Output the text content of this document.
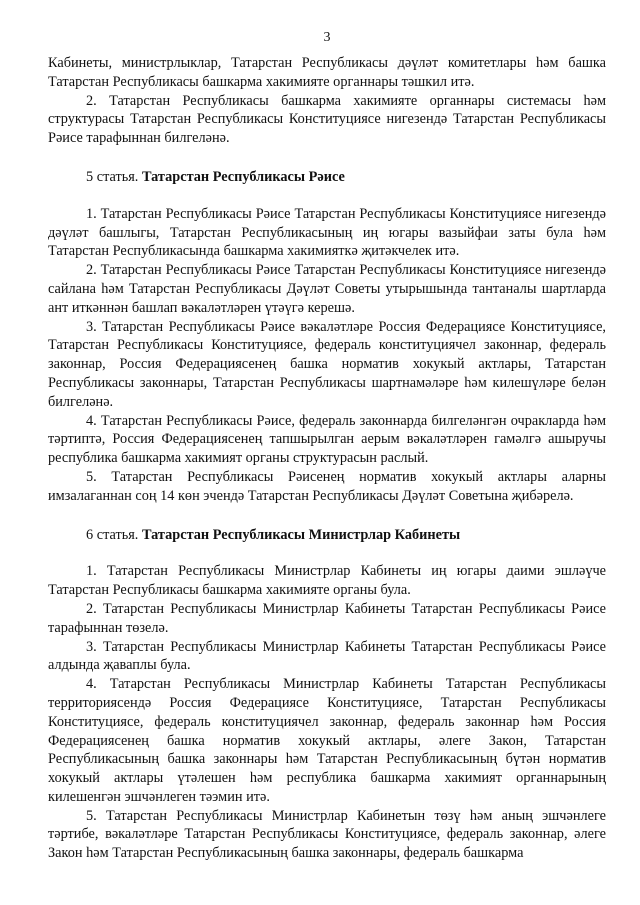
3

Кабинеты, министрлыклар, Татарстан Республикасы дәүләт комитетлары һәм башка Татарстан Республикасы башкарма хакимияте органнары тәшкил итә.

2. Татарстан Республикасы башкарма хакимияте органнары системасы һәм структурасы Татарстан Республикасы Конституциясе нигезендә Татарстан Республикасы Рәисе тарафыннан билгеләнә.

5 статья. Татарстан Республикасы Рәисе

1. Татарстан Республикасы Рәисе Татарстан Республикасы Конституциясе нигезендә дәүләт башлыгы, Татарстан Республикасының иң югары вазыйфаи заты була һәм Татарстан Республикасында башкарма хакимияткә җитәкчелек итә.

2. Татарстан Республикасы Рәисе Татарстан Республикасы Конституциясе нигезендә сайлана һәм Татарстан Республикасы Дәүләт Советы утырышында тантаналы шартларда ант иткәннән башлап вәкаләтләрен үтәүгә керешә.

3. Татарстан Республикасы Рәисе вәкаләтләре Россия Федерациясе Конституциясе, Татарстан Республикасы Конституциясе, федераль конституциячел законнар, федераль законнар, Россия Федерациясенең башка норматив хокукый актлары, Татарстан Республикасы законнары, Татарстан Республикасы шартнамәләре һәм килешүләре белән билгеләнә.

4. Татарстан Республикасы Рәисе, федераль законнарда билгеләнгән очракларда һәм тәртиптә, Россия Федерациясенең тапшырылган аерым вәкаләтләрен гамәлгә ашыручы республика башкарма хакимият органы структурасын раслый.

5. Татарстан Республикасы Рәисенең норматив хокукый актлары аларны имзалаганнан соң 14 көн эчендә Татарстан Республикасы Дәүләт Советына җибәрелә.

6 статья. Татарстан Республикасы Министрлар Кабинеты

1. Татарстан Республикасы Министрлар Кабинеты иң югары даими эшләүче Татарстан Республикасы башкарма хакимияте органы була.

2. Татарстан Республикасы Министрлар Кабинеты Татарстан Республикасы Рәисе тарафыннан төзелә.

3. Татарстан Республикасы Министрлар Кабинеты Татарстан Республикасы Рәисе алдында җаваплы була.

4. Татарстан Республикасы Министрлар Кабинеты Татарстан Республикасы территориясендә Россия Федерациясе Конституциясе, Татарстан Республикасы Конституциясе, федераль конституциячел законнар, федераль законнар һәм Россия Федерациясенең башка норматив хокукый актлары, әлеге Закон, Татарстан Республикасының башка законнары һәм Татарстан Республикасының бүтән норматив хокукый актлары үтәлешен һәм республика башкарма хакимият органнарының килешенгән эшчәнлеген тәэмин итә.

5. Татарстан Республикасы Министрлар Кабинетын төзү һәм аның эшчәнлеге тәртибе, вәкаләтләре Татарстан Республикасы Конституциясе, федераль законнар, әлеге Закон һәм Татарстан Республикасының башка законнары, федераль башкарма
